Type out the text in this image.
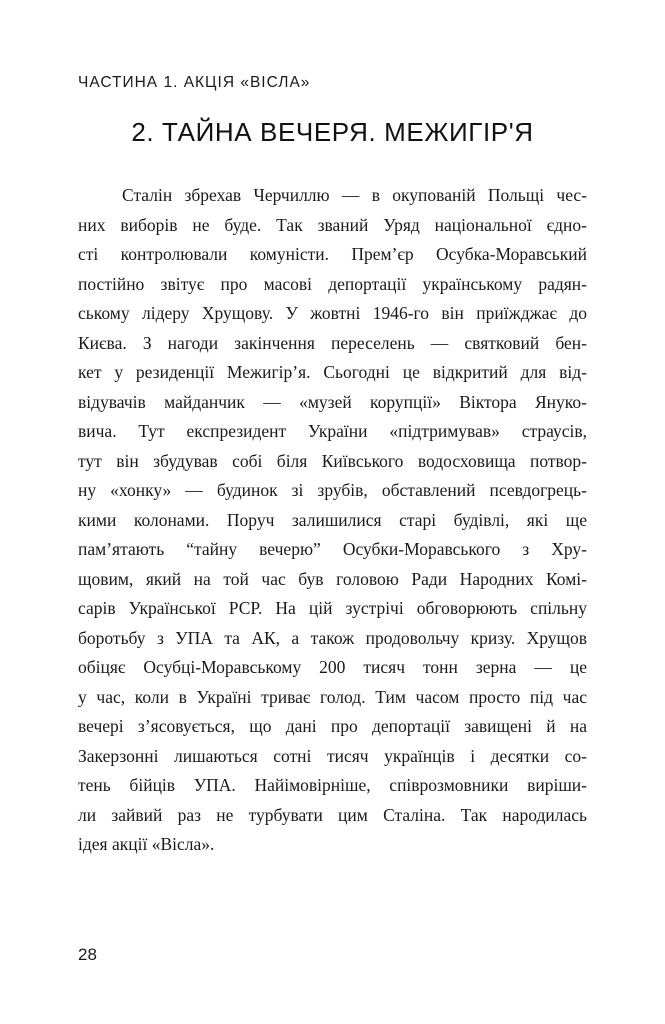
ЧАСТИНА 1. АКЦІЯ «ВІСЛА»

2. ТАЙНА ВЕЧЕРЯ. МЕЖИГІР'Я
Сталін збрехав Черчиллю — в окупованій Польщі чес-
них виборів не буде. Так званий Уряд національної єдно-
сті контролювали комуністи. Прем’єр Осубка-Моравський
постійно звітує про масові депортації українському радян-
ському лідеру Хрущову. У жовтні 1946-го він приїжджає до
Києва. З нагоди закінчення переселень — святковий бен-
кет у резиденції Межигір’я. Сьогодні це відкритий для від-
відувачів майданчик — «музей корупції» Віктора Януко-
вича. Тут експрезидент України «підтримував» страусів,
тут він збудував собі біля Київського водосховища потвор-
ну «хонку» — будинок зі зрубів, обставлений псевдогрець-
кими колонами. Поруч залишилися старі будівлі, які ще
пам’ятають “тайну вечерю” Осубки-Моравського з Хру-
щовим, який на той час був головою Ради Народних Комі-
сарів Української РСР. На цій зустрічі обговорюють спільну
боротьбу з УПА та АК, а також продовольчу кризу. Хрущов
обіцяє Осубці-Моравському 200 тисяч тонн зерна — це
у час, коли в Україні триває голод. Тим часом просто під час
вечері з’ясовується, що дані про депортації завищені й на
Закерзонні лишаються сотні тисяч українців і десятки со-
тень бійців УПА. Найімовірніше, співрозмовники виріши-
ли зайвий раз не турбувати цим Сталіна. Так народилась
ідея акції «Вісла».

28
